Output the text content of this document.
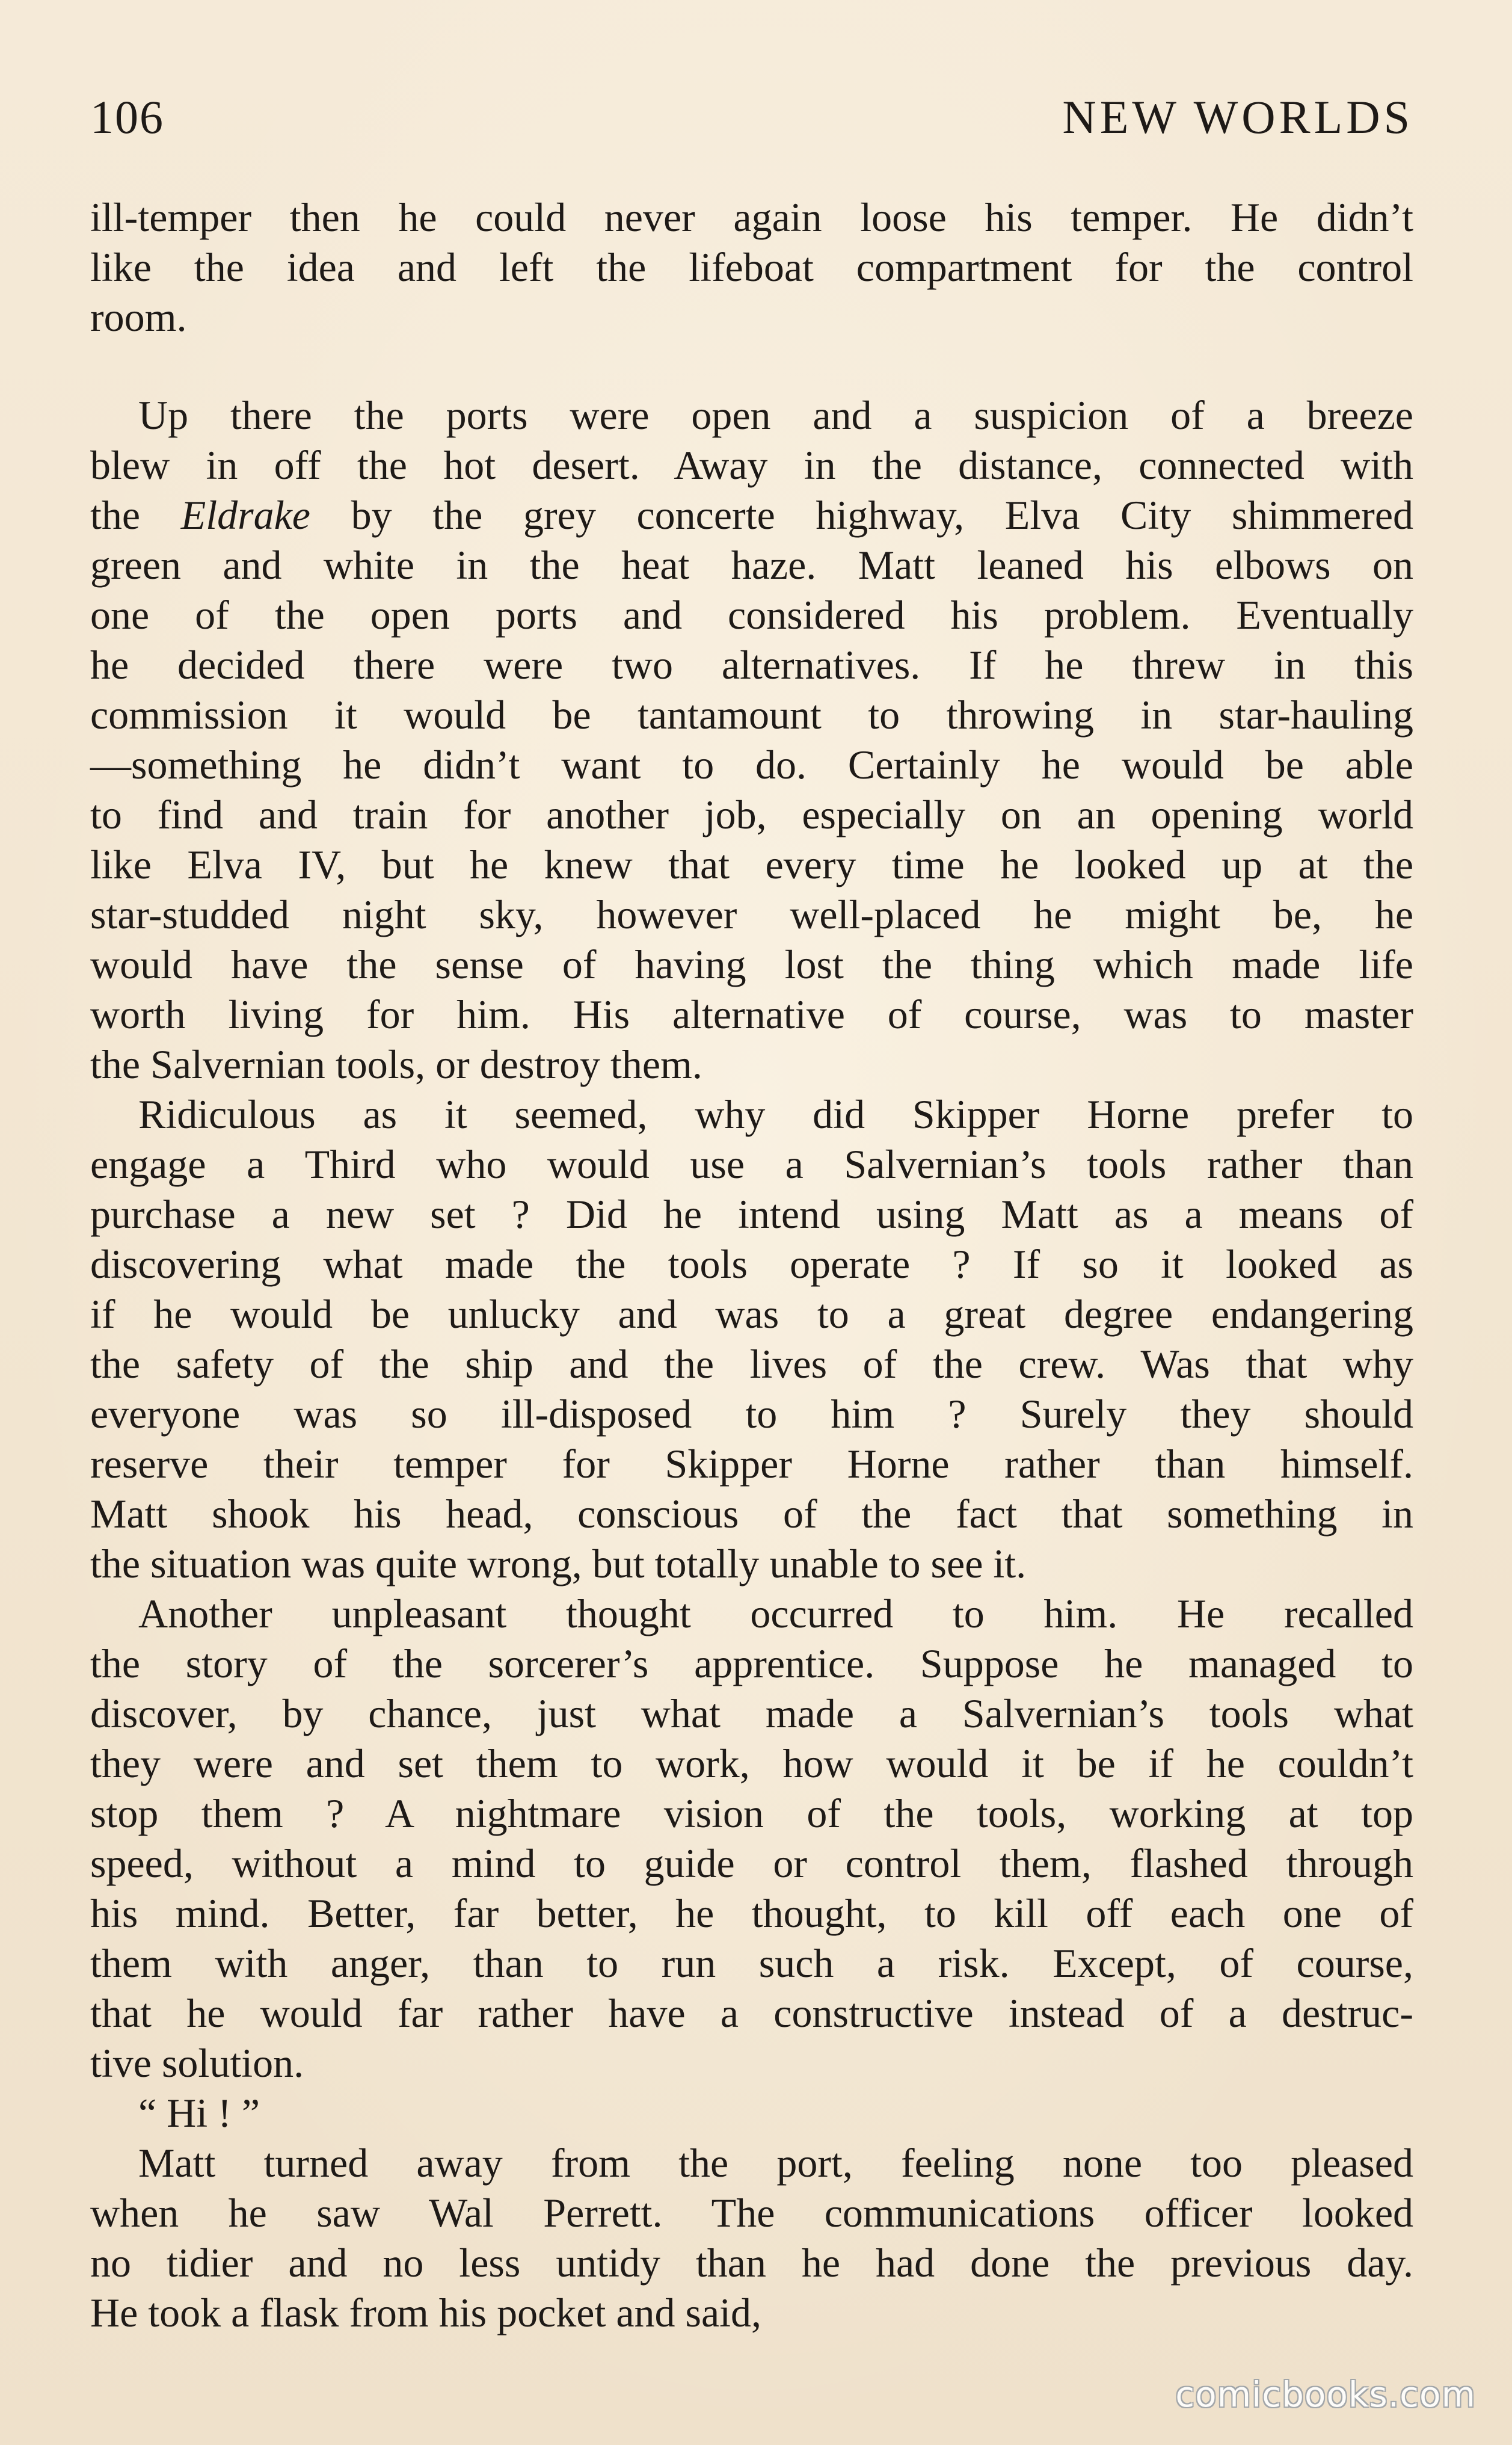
106	NEW WORLDS
ill-temper then he could never again loose his temper. He didn’t
like the idea and left the lifeboat compartment for the control
room.
Up there the ports were open and a suspicion of a breeze
blew in off the hot desert. Away in the distance, connected with
the Eldrake by the grey concerte highway, Elva City shimmered
green and white in the heat haze. Matt leaned his elbows on
one of the open ports and considered his problem. Eventually
he decided there were two alternatives. If he threw in this
commission it would be tantamount to throwing in star-hauling
—something he didn’t want to do. Certainly he would be able
to find and train for another job, especially on an opening world
like Elva IV, but he knew that every time he looked up at the
star-studded night sky, however well-placed he might be, he
would have the sense of having lost the thing which made life
worth living for him. His alternative of course, was to master
the Salvernian tools, or destroy them.
Ridiculous as it seemed, why did Skipper Horne prefer to
engage a Third who would use a Salvernian’s tools rather than
purchase a new set ? Did he intend using Matt as a means of
discovering what made the tools operate ? If so it looked as
if he would be unlucky and was to a great degree endangering
the safety of the ship and the lives of the crew. Was that why
everyone was so ill-disposed to him ? Surely they should
reserve their temper for Skipper Horne rather than himself.
Matt shook his head, conscious of the fact that something in
the situation was quite wrong, but totally unable to see it.
Another unpleasant thought occurred to him. He recalled
the story of the sorcerer’s apprentice. Suppose he managed to
discover, by chance, just what made a Salvernian’s tools what
they were and set them to work, how would it be if he couldn’t
stop them ? A nightmare vision of the tools, working at top
speed, without a mind to guide or control them, flashed through
his mind. Better, far better, he thought, to kill off each one of
them with anger, than to run such a risk. Except, of course,
that he would far rather have a constructive instead of a destruc-
tive solution.
“ Hi ! ”
Matt turned away from the port, feeling none too pleased
when he saw Wal Perrett. The communications officer looked
no tidier and no less untidy than he had done the previous day.
He took a flask from his pocket and said,
comicbooks.com
